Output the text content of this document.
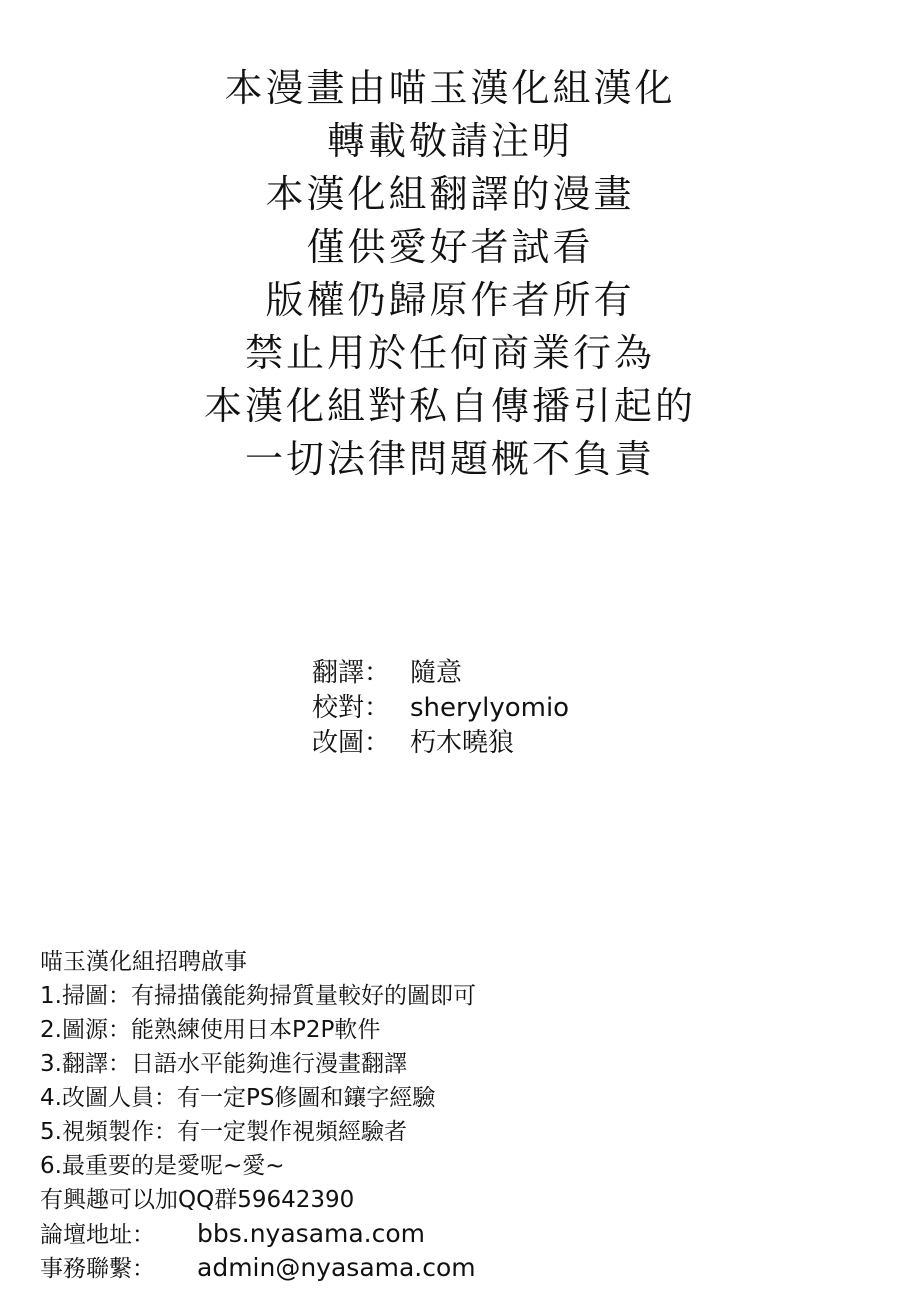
本漫畫由喵玉漢化組漢化
轉載敬請注明
本漢化組翻譯的漫畫
僅供愛好者試看
版權仍歸原作者所有
禁止用於任何商業行為
本漢化組對私自傳播引起的
一切法律問題概不負責
翻譯： 隨意
校對： sherylyomio
改圖： 朽木曉狼
喵玉漢化組招聘啟事
1.掃圖：有掃描儀能夠掃質量較好的圖即可
2.圖源：能熟練使用日本P2P軟件
3.翻譯：日語水平能夠進行漫畫翻譯
4.改圖人員：有一定PS修圖和鑲字經驗
5.視頻製作：有一定製作視頻經驗者
6.最重要的是愛呢~愛~
有興趣可以加QQ群59642390
論壇地址： bbs.nyasama.com
事務聯繫： admin@nyasama.com
